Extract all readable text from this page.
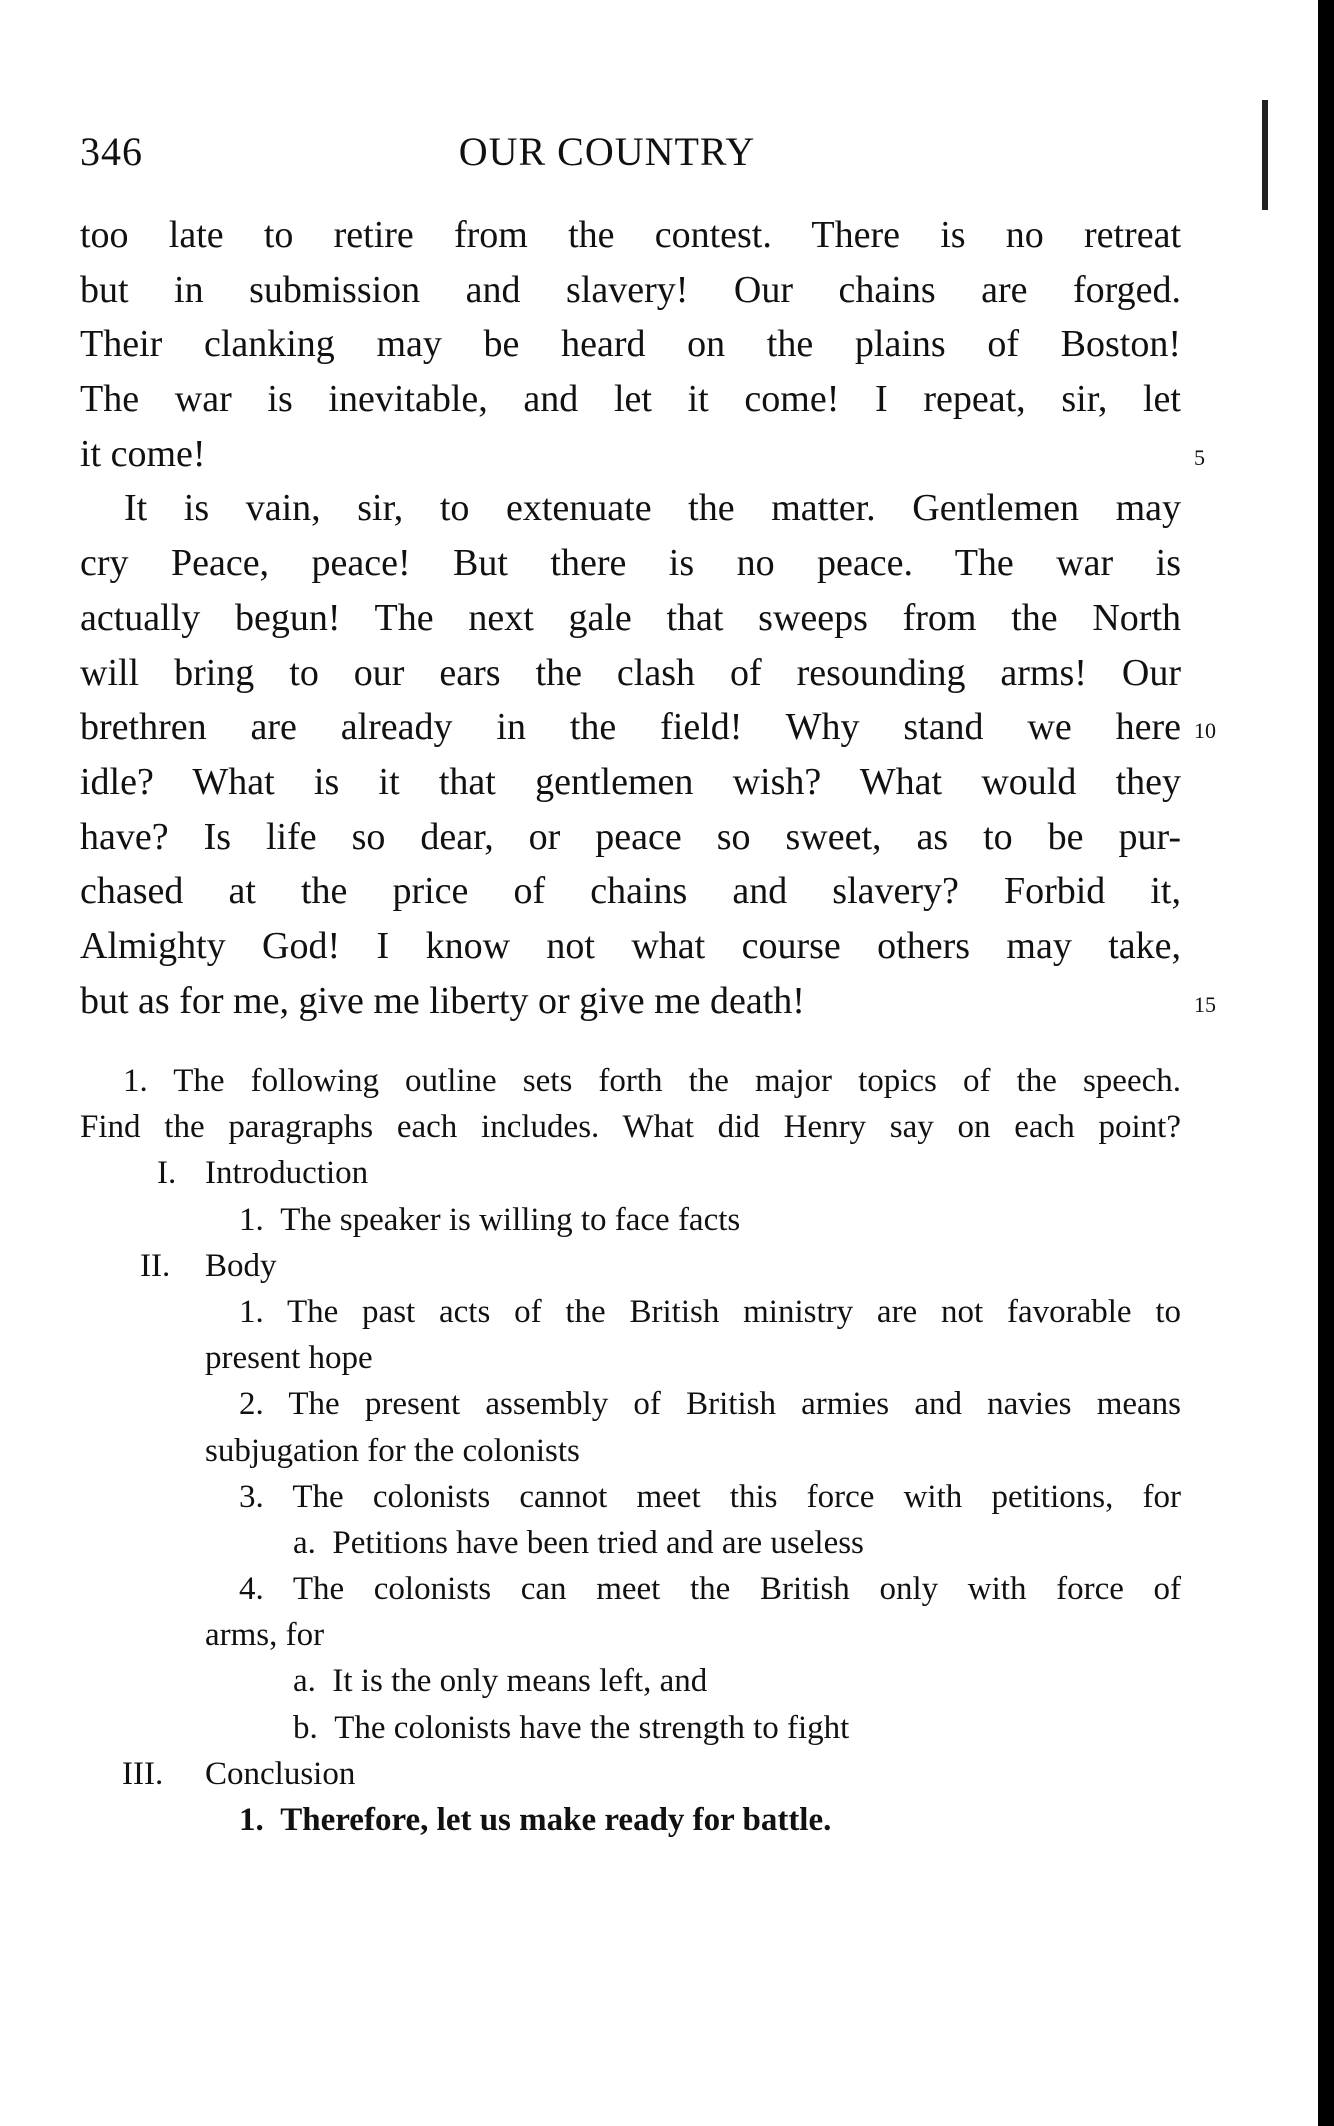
346	OUR COUNTRY
too late to retire from the contest. There is no retreat
but in submission and slavery! Our chains are forged.
Their clanking may be heard on the plains of Boston!
The war is inevitable, and let it come! I repeat, sir, let
it come!	5
It is vain, sir, to extenuate the matter. Gentlemen may
cry Peace, peace! But there is no peace. The war is
actually begun! The next gale that sweeps from the North
will bring to our ears the clash of resounding arms! Our
brethren are already in the field! Why stand we here 10
idle? What is it that gentlemen wish? What would they
have? Is life so dear, or peace so sweet, as to be pur-
chased at the price of chains and slavery? Forbid it,
Almighty God! I know not what course others may take,
but as for me, give me liberty or give me death!	15
1. The following outline sets forth the major topics of the speech.
Find the paragraphs each includes. What did Henry say on each point?
I. Introduction
1. The speaker is willing to face facts
II. Body
1. The past acts of the British ministry are not favorable to
present hope
2. The present assembly of British armies and navies means
subjugation for the colonists
3. The colonists cannot meet this force with petitions, for
a. Petitions have been tried and are useless
4. The colonists can meet the British only with force of
arms, for
a. It is the only means left, and
b. The colonists have the strength to fight
III. Conclusion
1. Therefore, let us make ready for battle.
